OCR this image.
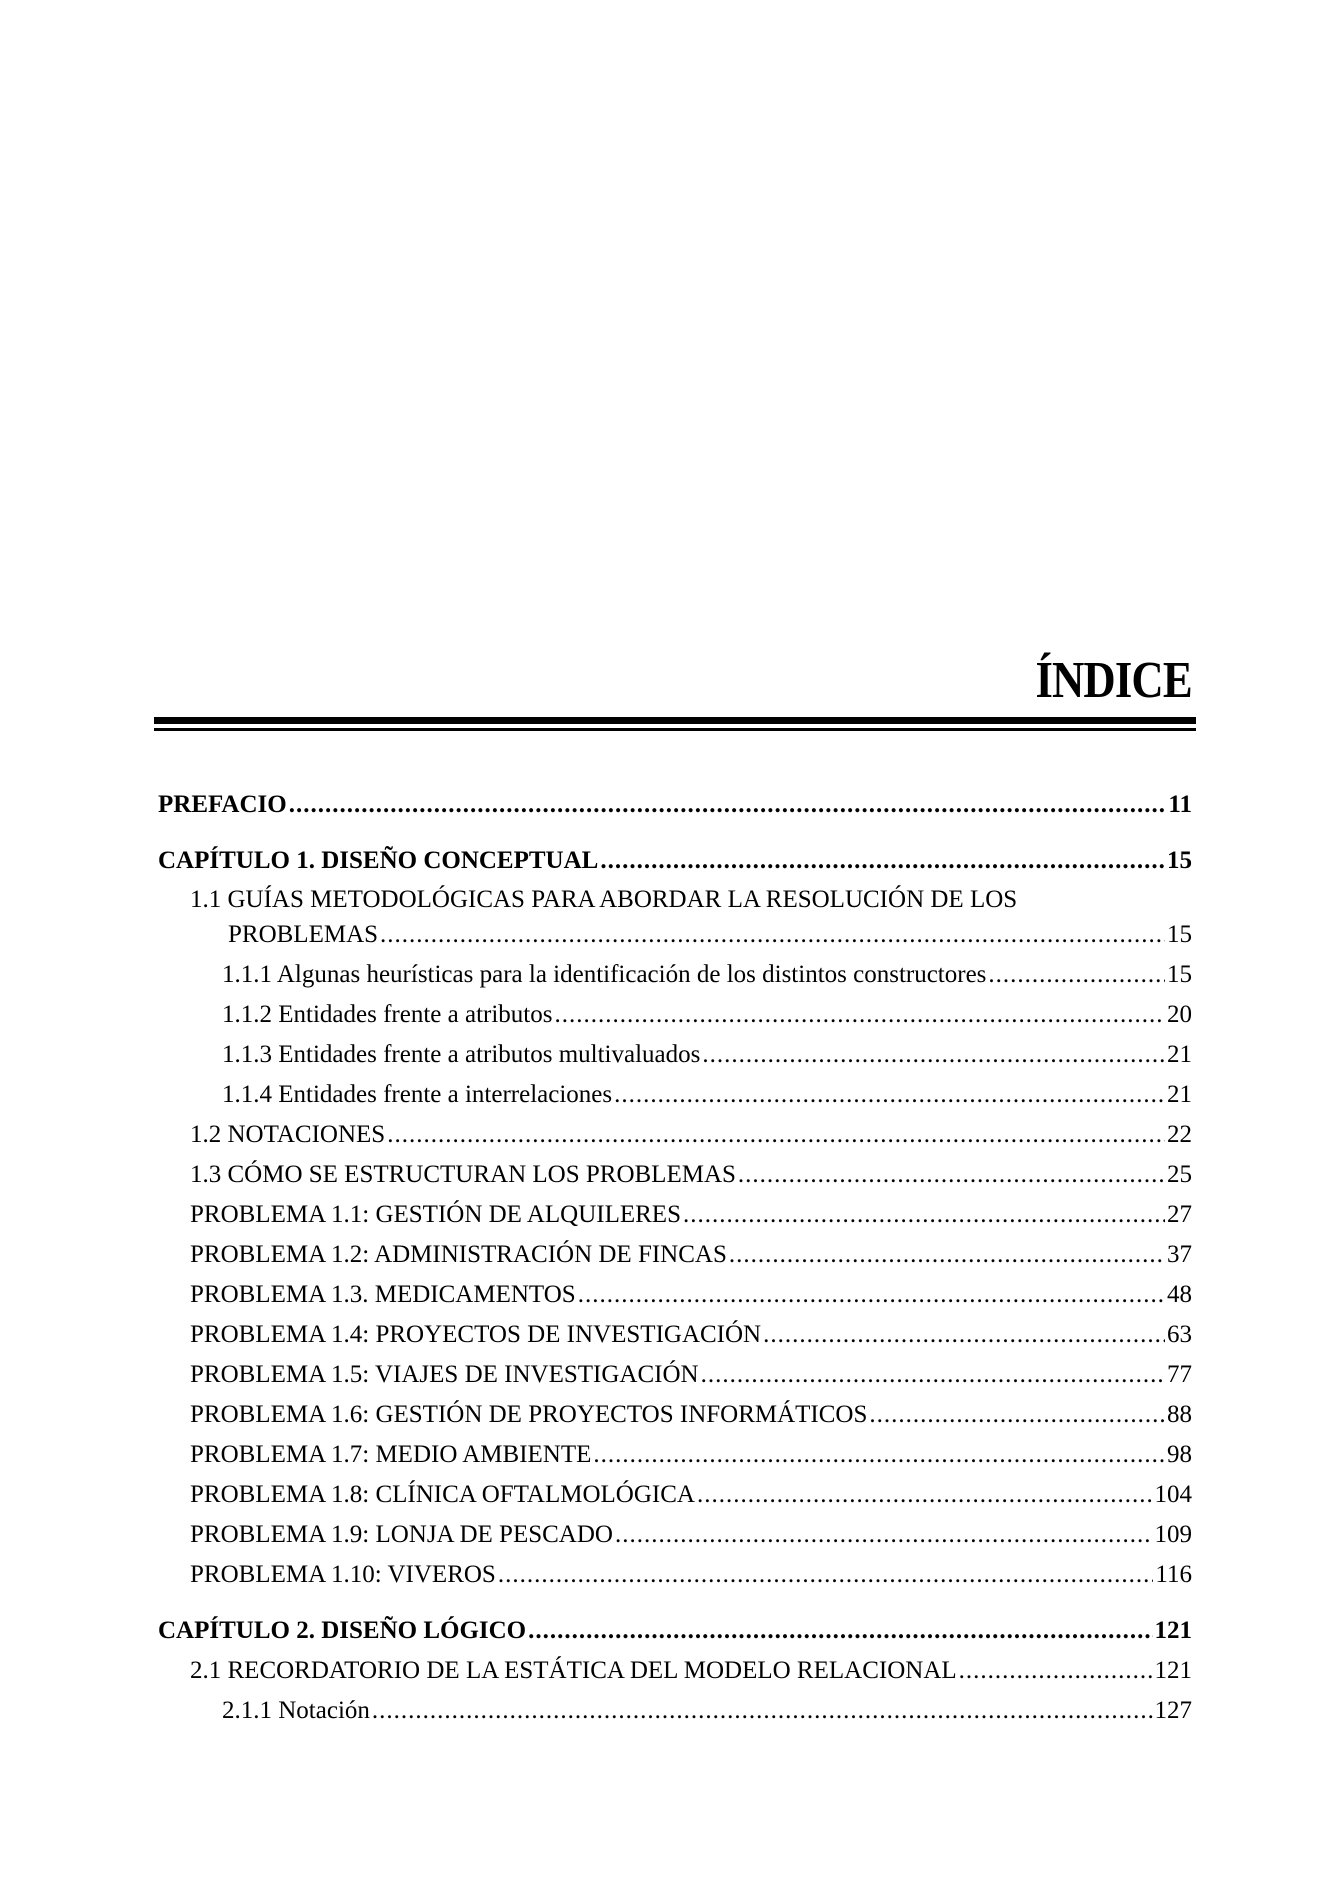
ÍNDICE
PREFACIO .....	11
CAPÍTULO 1. DISEÑO CONCEPTUAL .....	15
1.1 GUÍAS METODOLÓGICAS PARA ABORDAR LA RESOLUCIÓN DE LOS
PROBLEMAS .....	15
1.1.1 Algunas heurísticas para la identificación de los distintos constructores .....	15
1.1.2 Entidades frente a atributos .....	20
1.1.3 Entidades frente a atributos multivaluados .....	21
1.1.4 Entidades frente a interrelaciones .....	21
1.2 NOTACIONES .....	22
1.3 CÓMO SE ESTRUCTURAN LOS PROBLEMAS .....	25
PROBLEMA 1.1: GESTIÓN DE ALQUILERES .....	27
PROBLEMA 1.2: ADMINISTRACIÓN DE FINCAS .....	37
PROBLEMA 1.3. MEDICAMENTOS .....	48
PROBLEMA 1.4: PROYECTOS DE INVESTIGACIÓN .....	63
PROBLEMA 1.5: VIAJES DE INVESTIGACIÓN .....	77
PROBLEMA 1.6: GESTIÓN DE PROYECTOS INFORMÁTICOS .....	88
PROBLEMA 1.7: MEDIO AMBIENTE .....	98
PROBLEMA 1.8: CLÍNICA OFTALMOLÓGICA .....	104
PROBLEMA 1.9: LONJA DE PESCADO .....	109
PROBLEMA 1.10: VIVEROS .....	116
CAPÍTULO 2. DISEÑO LÓGICO .....	121
2.1 RECORDATORIO DE LA ESTÁTICA DEL MODELO RELACIONAL .....	121
2.1.1 Notación .....	127
